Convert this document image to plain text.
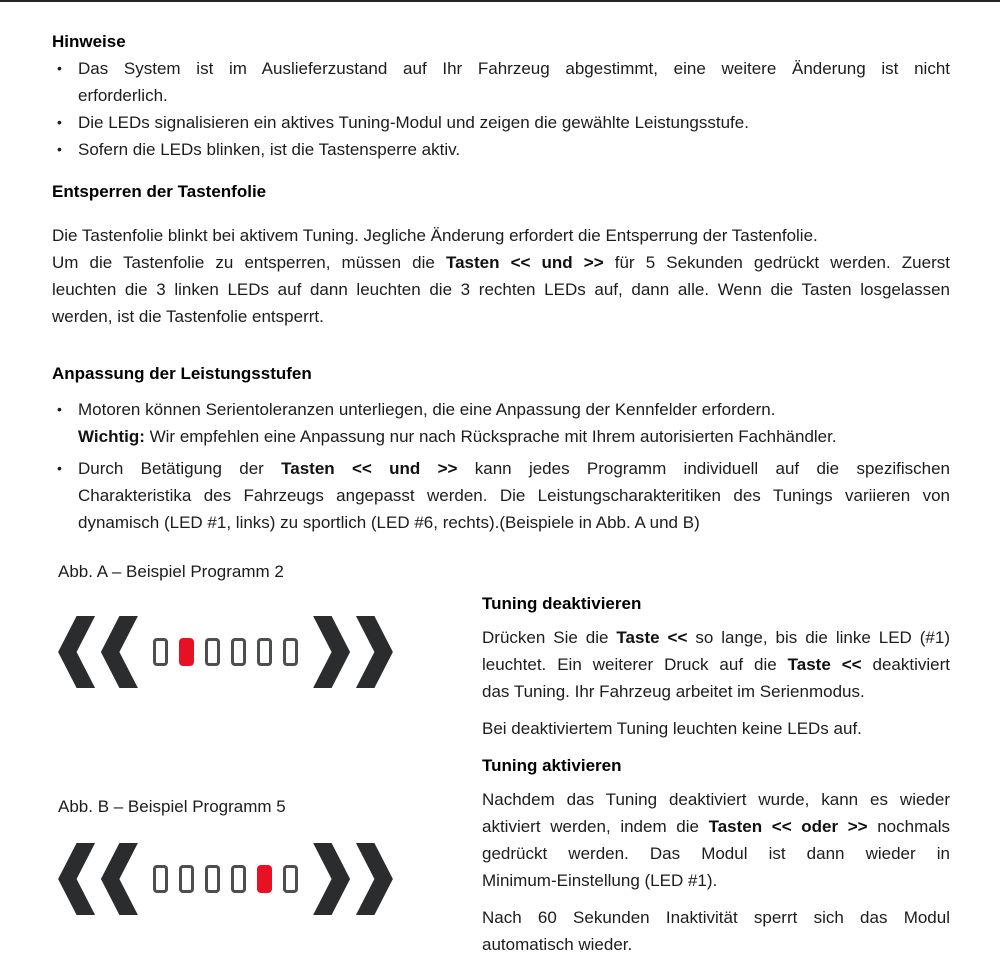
Hinweise
• Das System ist im Auslieferzustand auf Ihr Fahrzeug abgestimmt, eine weitere Änderung ist nicht
erforderlich.
• Die LEDs signalisieren ein aktives Tuning-Modul und zeigen die gewählte Leistungsstufe.
• Sofern die LEDs blinken, ist die Tastensperre aktiv.
Entsperren der Tastenfolie
Die Tastenfolie blinkt bei aktivem Tuning. Jegliche Änderung erfordert die Entsperrung der Tastenfolie.
Um die Tastenfolie zu entsperren, müssen die Tasten << und >> für 5 Sekunden gedrückt werden. Zuerst
leuchten die 3 linken LEDs auf dann leuchten die 3 rechten LEDs auf, dann alle. Wenn die Tasten losgelassen
werden, ist die Tastenfolie entsperrt.
Anpassung der Leistungsstufen
• Motoren können Serientoleranzen unterliegen, die eine Anpassung der Kennfelder erfordern.
Wichtig: Wir empfehlen eine Anpassung nur nach Rücksprache mit Ihrem autorisierten Fachhändler.
• Durch Betätigung der Tasten << und >> kann jedes Programm individuell auf die spezifischen
Charakteristika des Fahrzeugs angepasst werden. Die Leistungscharakteritiken des Tunings variieren von
dynamisch (LED #1, links) zu sportlich (LED #6, rechts).(Beispiele in Abb. A und B)
Abb. A – Beispiel Programm 2
Abb. B – Beispiel Programm 5
Tuning deaktivieren

Drücken Sie die Taste << so lange, bis die linke LED (#1)
leuchtet. Ein weiterer Druck auf die Taste << deaktiviert
das Tuning. Ihr Fahrzeug arbeitet im Serienmodus.

Bei deaktiviertem Tuning leuchten keine LEDs auf.

Tuning aktivieren

Nachdem das Tuning deaktiviert wurde, kann es wieder
aktiviert werden, indem die Tasten << oder >> nochmals
gedrückt werden. Das Modul ist dann wieder in
Minimum-Einstellung (LED #1).

Nach 60 Sekunden Inaktivität sperrt sich das Modul
automatisch wieder.
